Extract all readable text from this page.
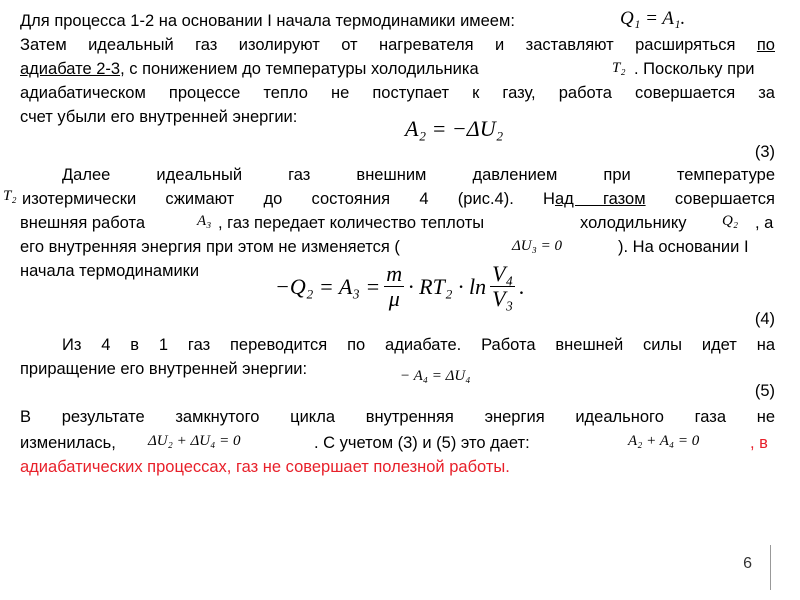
Для процесса 1-2 на основании I начала термодинамики имеем:	Q₁ = A₁.
Затем идеальный газ изолируют от нагревателя и заставляют расширяться по
адиабате 2-3, с понижением до температуры холодильника	T₂ . Поскольку при
адиабатическом процессе тепло не поступает к газу, работа совершается за
счет убыли его внутренней энергии:	A₂ = −ΔU₂
(3)
Далее идеальный газ внешним давлением при температуре
T₂ изотермически сжимают до состояния 4 (рис.4). Над газом совершается
внешняя работа	A₃ , газ передает количество теплоты	холодильнику Q₂ , а
его внутренняя энергия при этом не изменяется (	ΔU₃ = 0	). На основании I
начала термодинамики
$-Q_2 = A_3 = \frac{m}{\mu} \cdot RT_2 \cdot \ln \frac{\text{V₄}}{\text{V₃}}$ .
(4)
Из 4 в 1 газ переводится по адиабате. Работа внешней силы идет на
приращение его внутренней энергии:	− A₄ = ΔU₄
(5)
В результате замкнутого цикла внутренняя энергия идеального газа не
изменилась,	ΔU₂ + ΔU₄ = 0	. С учетом (3) и (5) это дает:	A₂ + A₄ = 0	, в
адиабатических процессах, газ не совершает полезной работы.
6
